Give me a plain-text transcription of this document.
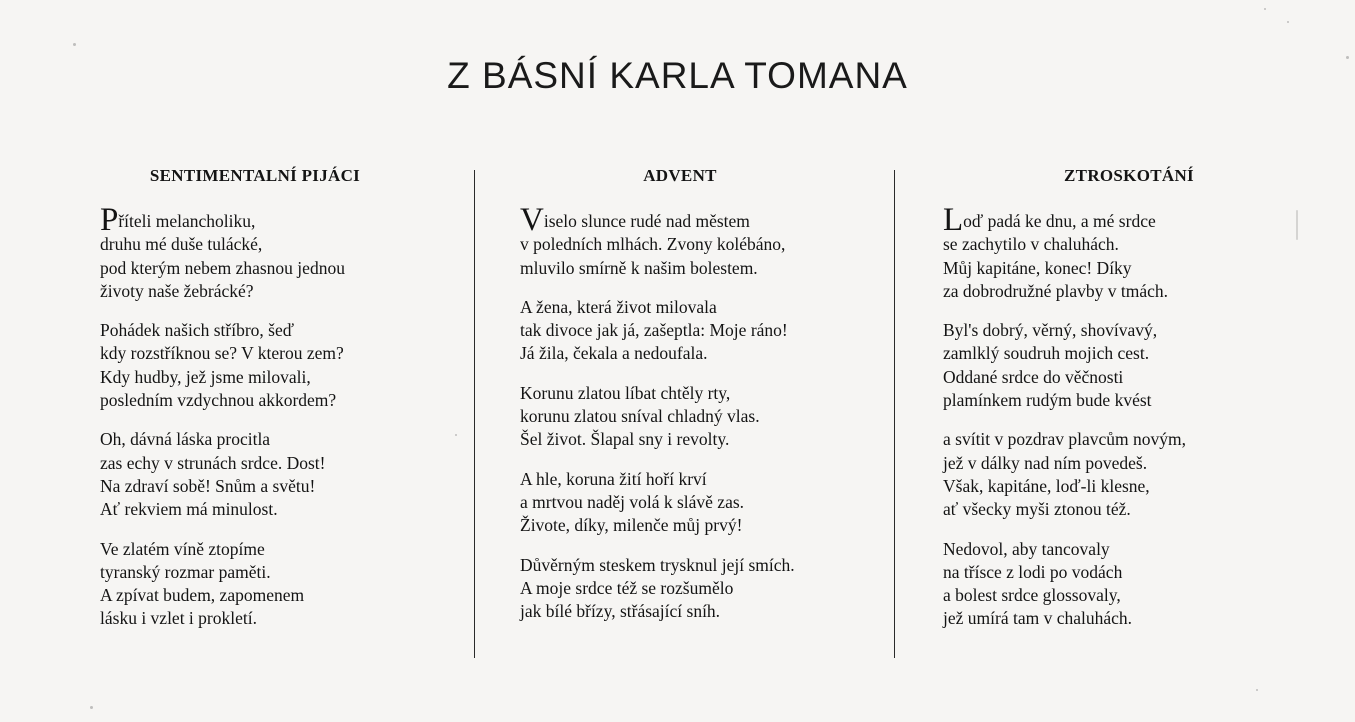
Z BÁSNÍ KARLA TOMANA
SENTIMENTALNÍ PIJÁCI
Příteli melancholiku,
druhu mé duše tulácké,
pod kterým nebem zhasnou jednou
životy naše žebrácké?
Pohádek našich stříbro, šeď
kdy rozstříknou se? V kterou zem?
Kdy hudby, jež jsme milovali,
posledním vzdychnou akkordem?
Oh, dávná láska procitla
zas echy v strunách srdce. Dost!
Na zdraví sobě! Snům a světu!
Ať rekviem má minulost.
Ve zlatém víně ztopíme
tyranský rozmar paměti.
A zpívat budem, zapomenem
lásku i vzlet i prokletí.
ADVENT
Viselo slunce rudé nad městem
v poledních mlhách. Zvony kolébáno,
mluvilo smírně k našim bolestem.
A žena, která život milovala
tak divoce jak já, zašeptla: Moje ráno!
Já žila, čekala a nedoufala.
Korunu zlatou líbat chtěly rty,
korunu zlatou sníval chladný vlas.
Šel život. Šlapal sny i revolty.
A hle, koruna žití hoří krví
a mrtvou naděj volá k slávě zas.
Živote, díky, milenče můj prvý!
Důvěrným steskem trysknul její smích.
A moje srdce též se rozšumělo
jak bílé břízy, střásající sníh.
ZTROSKOTÁNÍ
Loď padá ke dnu, a mé srdce
se zachytilo v chaluhách.
Můj kapitáne, konec! Díky
za dobrodružné plavby v tmách.
Byl's dobrý, věrný, shovívavý,
zamlklý soudruh mojich cest.
Oddané srdce do věčnosti
plamínkem rudým bude kvést
a svítit v pozdrav plavcům novým,
jež v dálky nad ním povedeš.
Však, kapitáne, loď-li klesne,
ať všecky myši ztonou též.
Nedovol, aby tancovaly
na třísce z lodi po vodách
a bolest srdce glossovaly,
jež umírá tam v chaluhách.
